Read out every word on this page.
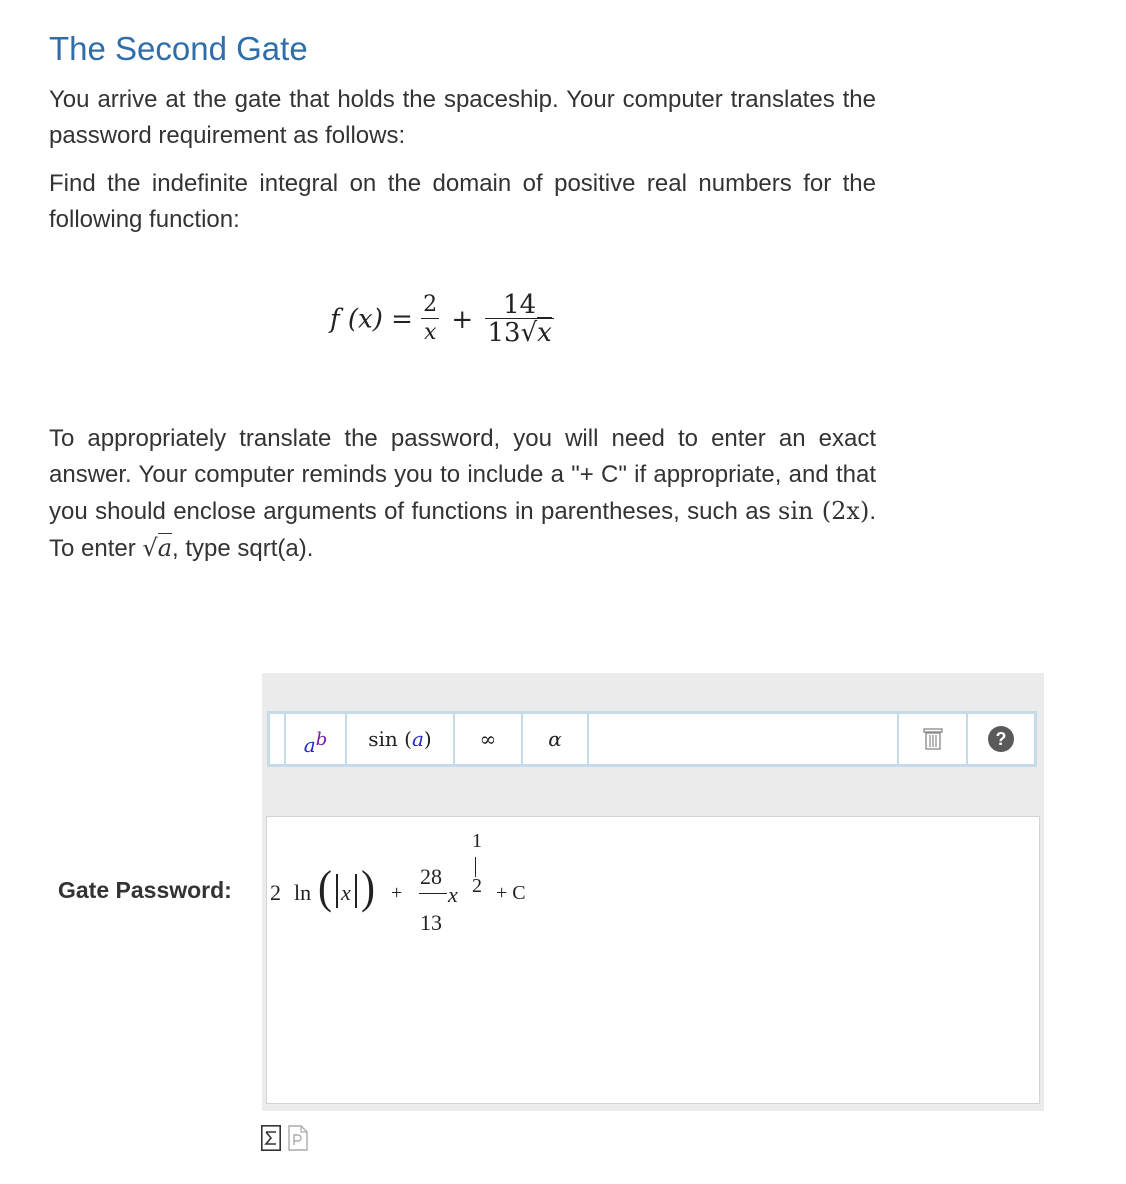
The Second Gate

You arrive at the gate that holds the spaceship. Your computer translates the password requirement as follows:

Find the indefinite integral on the domain of positive real numbers for the following function:

f $(x) = \frac{2}{x} + \frac{14}{13√x}$

To appropriately translate the password, you will need to enter an exact answer. Your computer reminds you to include a "+ C" if appropriate, and that you should enclose arguments of functions in parentheses, such as sin (2x). To enter √a, type sqrt(a).

a b sin ( a )	∞	α	?
Gate Password: 2 ln ( x ) +
28
13
x
1
2 + C
